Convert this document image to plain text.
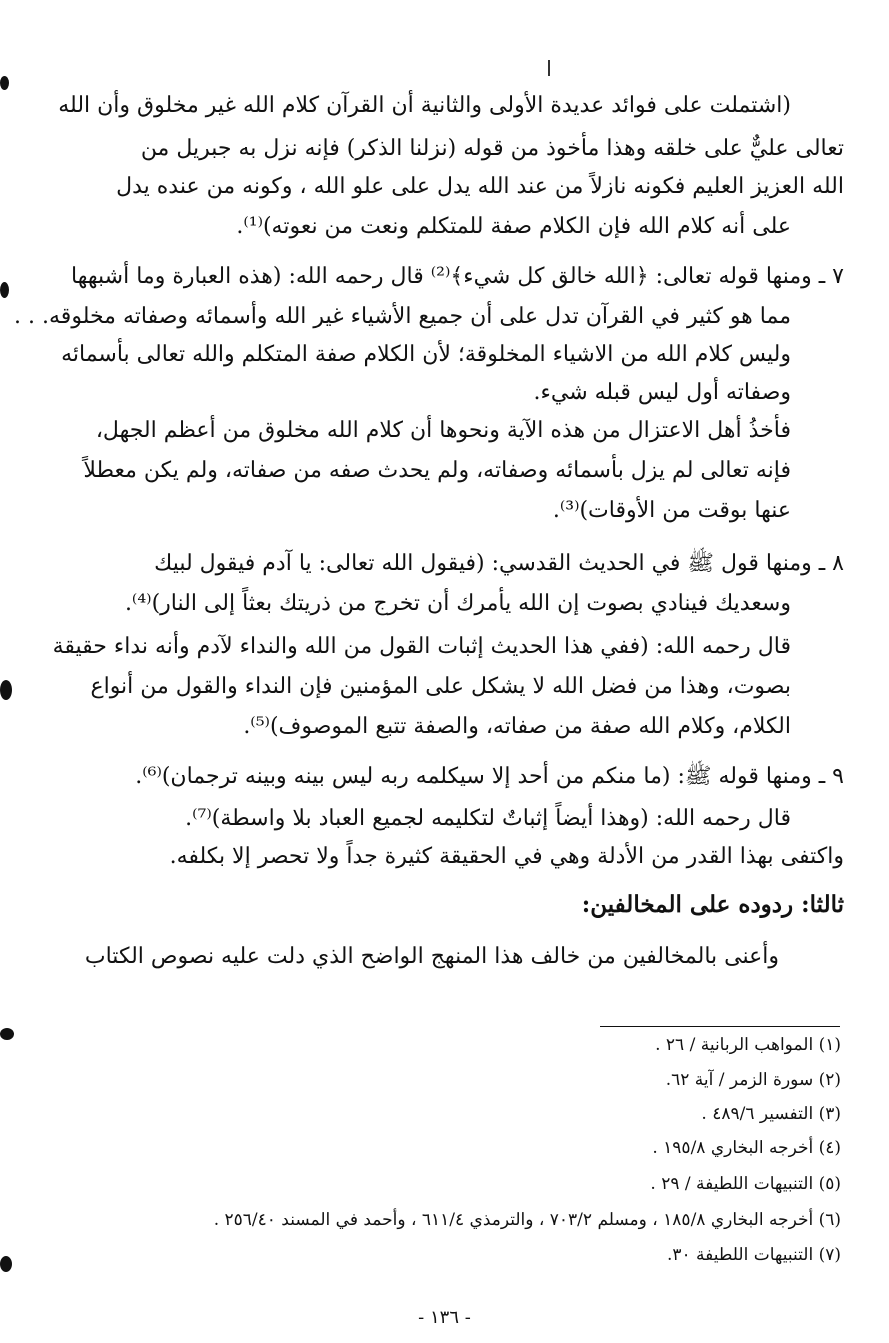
(اشتملت على فوائد عديدة الأولى والثانية أن القرآن كلام الله غير مخلوق وأن الله
تعالى عليٌّ على خلقه وهذا مأخوذ من قوله (نزلنا الذكر) فإنه نزل به جبريل من
الله العزيز العليم فكونه نازلاً من عند الله يدل على علو الله ، وكونه من عنده يدل
على أنه كلام الله فإن الكلام صفة للمتكلم ونعت من نعوته)⁽¹⁾.
٧ ـ ومنها قوله تعالى: ﴿الله خالق كل شيء﴾⁽²⁾ قال رحمه الله: (هذه العبارة وما أشبهها
مما هو كثير في القرآن تدل على أن جميع الأشياء غير الله وأسمائه وصفاته مخلوقه. . .
وليس كلام الله من الاشياء المخلوقة؛ لأن الكلام صفة المتكلم والله تعالى بأسمائه
وصفاته أول ليس قبله شيء.
فأخذُ أهل الاعتزال من هذه الآية ونحوها أن كلام الله مخلوق من أعظم الجهل،
فإنه تعالى لم يزل بأسمائه وصفاته، ولم يحدث صفه من صفاته، ولم يكن معطلاً
عنها بوقت من الأوقات)⁽³⁾.
٨ ـ ومنها قول ﷺ في الحديث القدسي: (فيقول الله تعالى: يا آدم فيقول لبيك
وسعديك فينادي بصوت إن الله يأمرك أن تخرج من ذريتك بعثاً إلى النار)⁽⁴⁾.
قال رحمه الله: (ففي هذا الحديث إثبات القول من الله والنداء لآدم وأنه نداء حقيقة
بصوت، وهذا من فضل الله لا يشكل على المؤمنين فإن النداء والقول من أنواع
الكلام، وكلام الله صفة من صفاته، والصفة تتبع الموصوف)⁽⁵⁾.
٩ ـ ومنها قوله ﷺ: (ما منكم من أحد إلا سيكلمه ربه ليس بينه وبينه ترجمان)⁽⁶⁾.
قال رحمه الله: (وهذا أيضاً إثباتٌ لتكليمه لجميع العباد بلا واسطة)⁽⁷⁾.
واكتفى بهذا القدر من الأدلة وهي في الحقيقة كثيرة جداً ولا تحصر إلا بكلفه.
ثالثا: ردوده على المخالفين:
وأعنى بالمخالفين من خالف هذا المنهج الواضح الذي دلت عليه نصوص الكتاب
(١) المواهب الربانية / ٢٦ .
(٢) سورة الزمر / آية ٦٢.
(٣) التفسير ٤٨٩/٦ .
(٤) أخرجه البخاري ١٩٥/٨ .
(٥) التنبيهات اللطيفة / ٢٩ .
(٦) أخرجه البخاري ١٨٥/٨ ، ومسلم ٧٠٣/٢ ، والترمذي ٦١١/٤ ، وأحمد في المسند ٢٥٦/٤٠ .
(٧) التنبيهات اللطيفة ٣٠.
- ١٣٦ -
